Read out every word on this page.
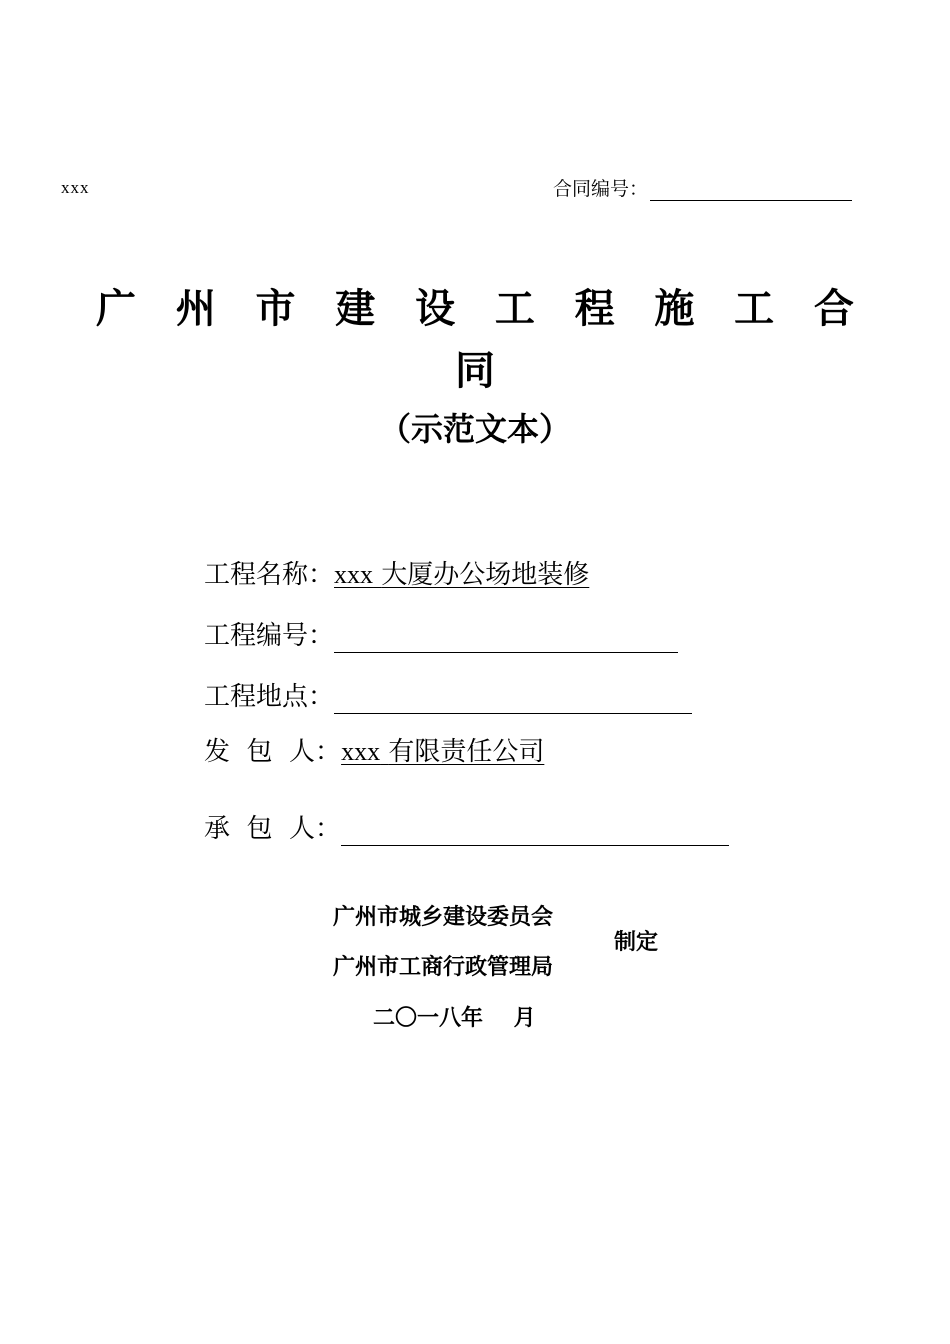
xxx	合同编号：
广 州 市 建 设 工 程 施 工 合
同
（示范文本）
工程名称： xxx 大厦办公场地装修
工程编号：
工程地点：
发  包  人： xxx 有限责任公司
承  包  人：
广州市城乡建设委员会
广州市工商行政管理局
制定
二〇一八年    月
